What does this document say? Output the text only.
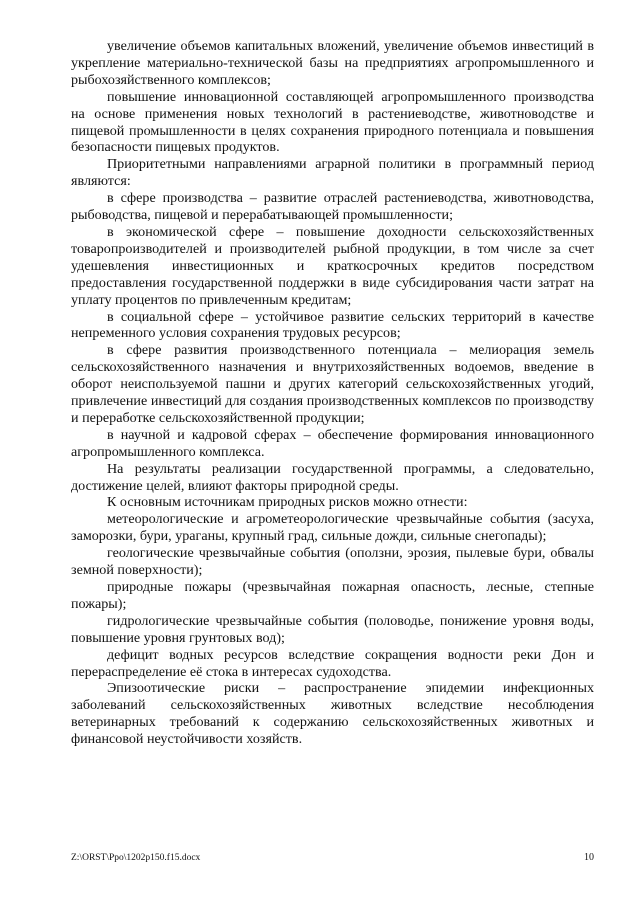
увеличение объемов капитальных вложений, увеличение объемов инвестиций в укрепление материально-технической базы на предприятиях агропромышленного и рыбохозяйственного комплексов;

повышение инновационной составляющей агропромышленного производства на основе применения новых технологий в растениеводстве, животноводстве и пищевой промышленности в целях сохранения природного потенциала и повышения безопасности пищевых продуктов.

Приоритетными направлениями аграрной политики в программный период являются:

в сфере производства – развитие отраслей растениеводства, животноводства, рыбоводства, пищевой и перерабатывающей промышленности;

в экономической сфере – повышение доходности сельскохозяйственных товаропроизводителей и производителей рыбной продукции, в том числе за счет удешевления инвестиционных и краткосрочных кредитов посредством предоставления государственной поддержки в виде субсидирования части затрат на уплату процентов по привлеченным кредитам;

в социальной сфере – устойчивое развитие сельских территорий в качестве непременного условия сохранения трудовых ресурсов;

в сфере развития производственного потенциала – мелиорация земель сельскохозяйственного назначения и внутрихозяйственных водоемов, введение в оборот неиспользуемой пашни и других категорий сельскохозяйственных угодий, привлечение инвестиций для создания производственных комплексов по производству и переработке сельскохозяйственной продукции;

в научной и кадровой сферах – обеспечение формирования инновационного агропромышленного комплекса.

На результаты реализации государственной программы, а следовательно, достижение целей, влияют факторы природной среды.

К основным источникам природных рисков можно отнести:

метеорологические и агрометеорологические чрезвычайные события (засуха, заморозки, бури, ураганы, крупный град, сильные дожди, сильные снегопады);

геологические чрезвычайные события (оползни, эрозия, пылевые бури, обвалы земной поверхности);

природные пожары (чрезвычайная пожарная опасность, лесные, степные пожары);

гидрологические чрезвычайные события (половодье, понижение уровня воды, повышение уровня грунтовых вод);

дефицит водных ресурсов вследствие сокращения водности реки Дон и перераспределение её стока в интересах судоходства.

Эпизоотические риски – распространение эпидемии инфекционных заболеваний сельскохозяйственных животных вследствие несоблюдения ветеринарных требований к содержанию сельскохозяйственных животных и финансовой неустойчивости хозяйств.

Z:\ORST\Ppo\1202p150.f15.docx	10
